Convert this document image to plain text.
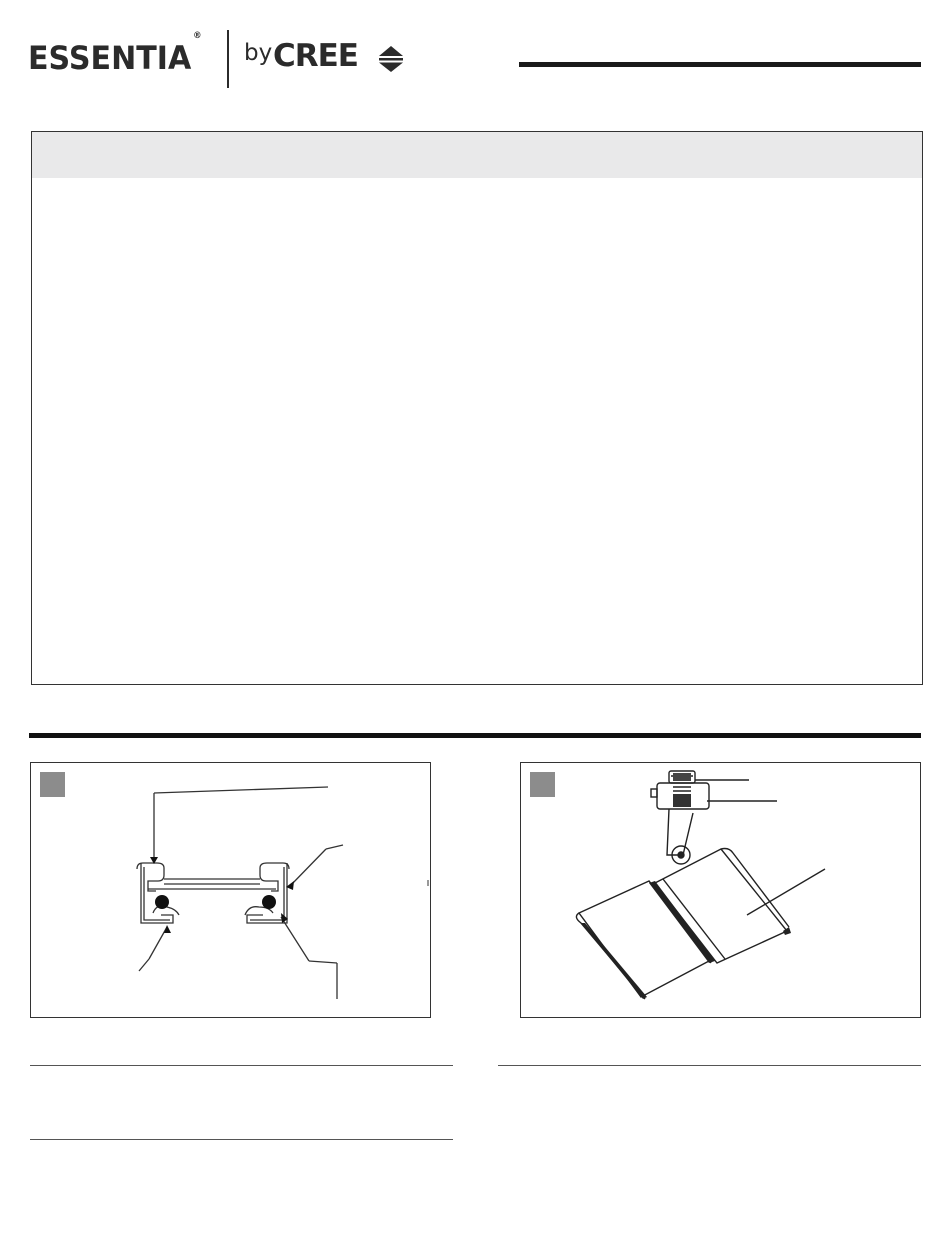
ESSENTIA®
by CREE
